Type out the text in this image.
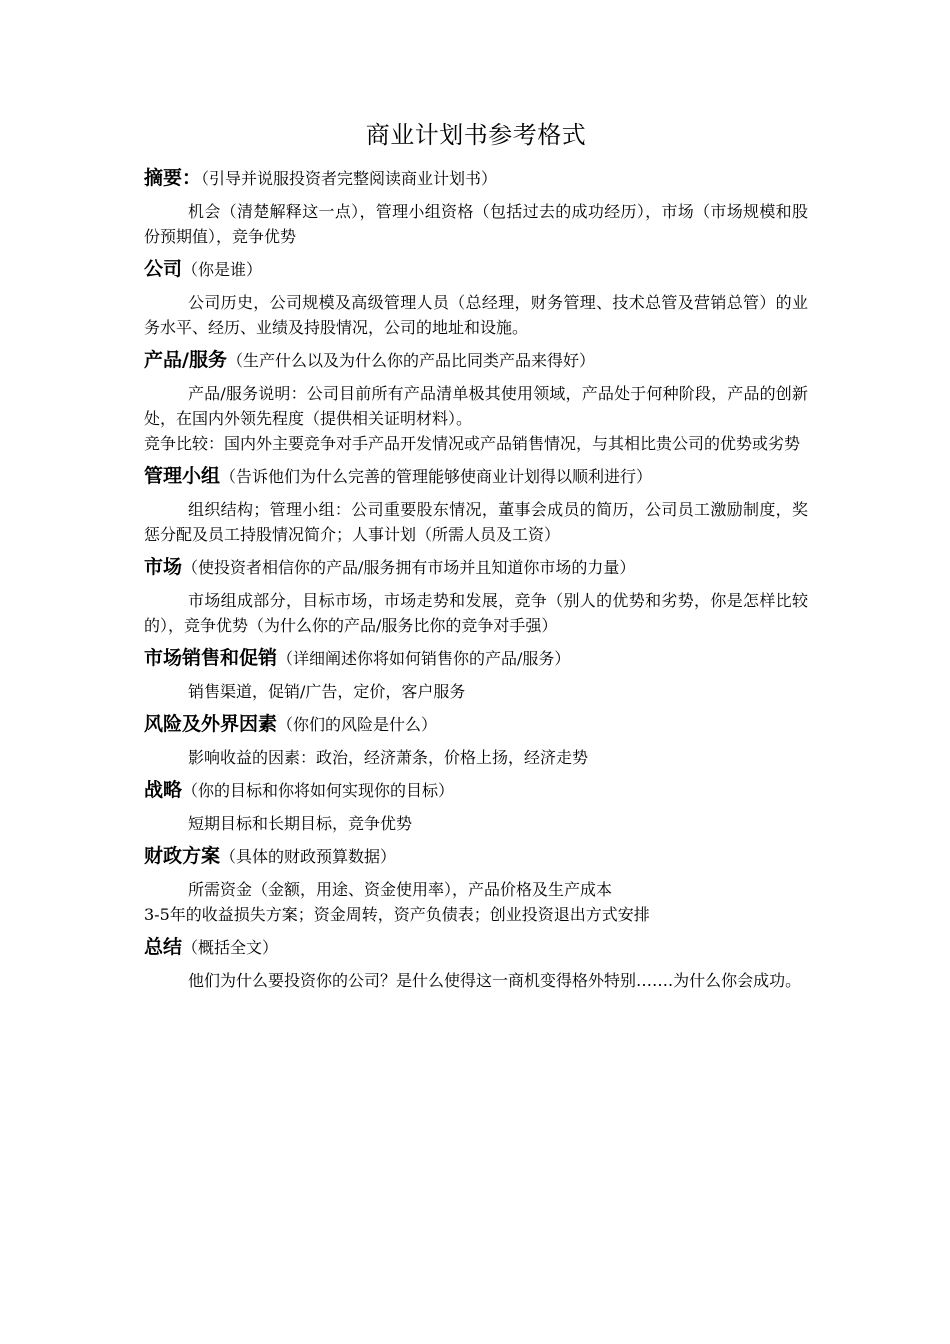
商业计划书参考格式
摘要：（引导并说服投资者完整阅读商业计划书）

机会（清楚解释这一点），管理小组资格（包括过去的成功经历），市场（市场规模和股份预期值），竞争优势

公司（你是谁）

公司历史，公司规模及高级管理人员（总经理，财务管理、技术总管及营销总管）的业务水平、经历、业绩及持股情况，公司的地址和设施。

产品/服务（生产什么以及为什么你的产品比同类产品来得好）

产品/服务说明：公司目前所有产品清单极其使用领域，产品处于何种阶段，产品的创新处，在国内外领先程度（提供相关证明材料）。

竞争比较：国内外主要竞争对手产品开发情况或产品销售情况，与其相比贵公司的优势或劣势

管理小组（告诉他们为什么完善的管理能够使商业计划得以顺利进行）

组织结构；管理小组：公司重要股东情况，董事会成员的简历，公司员工激励制度，奖惩分配及员工持股情况简介；人事计划（所需人员及工资）

市场（使投资者相信你的产品/服务拥有市场并且知道你市场的力量）

市场组成部分，目标市场，市场走势和发展，竞争（别人的优势和劣势，你是怎样比较的），竞争优势（为什么你的产品/服务比你的竞争对手强）

市场销售和促销（详细阐述你将如何销售你的产品/服务）

销售渠道，促销/广告，定价，客户服务

风险及外界因素（你们的风险是什么）

影响收益的因素：政治，经济萧条，价格上扬，经济走势

战略（你的目标和你将如何实现你的目标）

短期目标和长期目标，竞争优势

财政方案（具体的财政预算数据）

所需资金（金额，用途、资金使用率），产品价格及生产成本

3-5年的收益损失方案；资金周转，资产负债表；创业投资退出方式安排

总结（概括全文）

他们为什么要投资你的公司？是什么使得这一商机变得格外特别…….为什么你会成功。
